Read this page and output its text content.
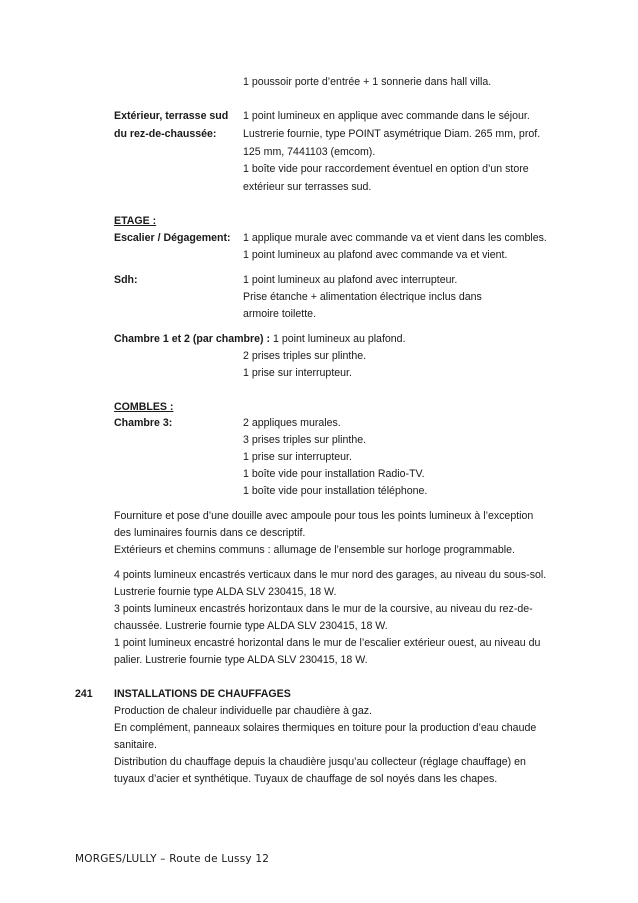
1 poussoir porte d’entrée + 1 sonnerie dans hall villa.
Extérieur, terrasse sud
du rez-de-chaussée:
1 point lumineux en applique avec commande dans le séjour.
Lustrerie fournie, type POINT asymétrique Diam. 265 mm, prof.
125 mm, 7441103 (emcom).
1 boîte vide pour raccordement éventuel en option d’un store
extérieur sur terrasses sud.
ETAGE :
Escalier / Dégagement: 1 applique murale avec commande va et vient dans les combles.
1 point lumineux au plafond avec commande va et vient.
Sdh:	1 point lumineux au plafond avec interrupteur.
Prise étanche + alimentation électrique inclus dans
armoire toilette.
Chambre 1 et 2 (par chambre) : 1 point lumineux au plafond.
2 prises triples sur plinthe.
1 prise sur interrupteur.
COMBLES :
Chambre 3:	2 appliques murales.
3 prises triples sur plinthe.
1 prise sur interrupteur.
1 boîte vide pour installation Radio-TV.
1 boîte vide pour installation téléphone.
Fourniture et pose d’une douille avec ampoule pour tous les points lumineux à l’exception
des luminaires fournis dans ce descriptif.
Extérieurs et chemins communs : allumage de l’ensemble sur horloge programmable.
4 points lumineux encastrés verticaux dans le mur nord des garages, au niveau du sous-sol.
Lustrerie fournie type ALDA SLV 230415, 18 W.
3 points lumineux encastrés horizontaux dans le mur de la coursive, au niveau du rez-de-
chaussée. Lustrerie fournie type ALDA SLV 230415, 18 W.
1 point lumineux encastré horizontal dans le mur de l’escalier extérieur ouest, au niveau du
palier. Lustrerie fournie type ALDA SLV 230415, 18 W.
241 INSTALLATIONS DE CHAUFFAGES
Production de chaleur individuelle par chaudière à gaz.
En complément, panneaux solaires thermiques en toiture pour la production d’eau chaude
sanitaire.
Distribution du chauffage depuis la chaudière jusqu’au collecteur (réglage chauffage) en
tuyaux d’acier et synthétique. Tuyaux de chauffage de sol noyés dans les chapes.
MORGES/LULLY – Route de Lussy 12
